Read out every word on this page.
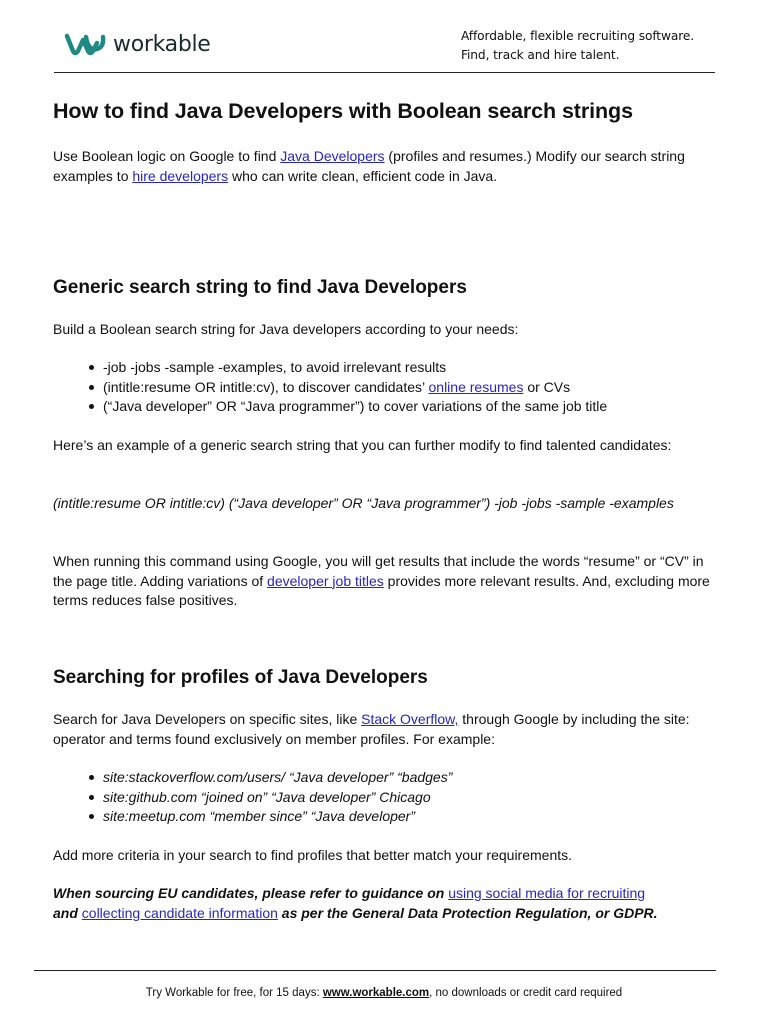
workable	Affordable, flexible recruiting software.
Find, track and hire talent.
How to find Java Developers with Boolean search strings

Use Boolean logic on Google to find Java Developers (profiles and resumes.) Modify our search string examples to hire developers who can write clean, efficient code in Java.

Generic search string to find Java Developers

Build a Boolean search string for Java developers according to your needs:

-job -jobs -sample -examples, to avoid irrelevant results
(intitle:resume OR intitle:cv), to discover candidates’ online resumes or CVs
(“Java developer” OR “Java programmer”) to cover variations of the same job title

Here’s an example of a generic search string that you can further modify to find talented candidates:

(intitle:resume OR intitle:cv) (“Java developer” OR “Java programmer”) -job -jobs -sample -examples

When running this command using Google, you will get results that include the words “resume” or “CV” in the page title. Adding variations of developer job titles provides more relevant results. And, excluding more terms reduces false positives.

Searching for profiles of Java Developers

Search for Java Developers on specific sites, like Stack Overflow, through Google by including the site: operator and terms found exclusively on member profiles. For example:

site:stackoverflow.com/users/ “Java developer” “badges”
site:github.com “joined on” “Java developer” Chicago
site:meetup.com “member since” “Java developer”

Add more criteria in your search to find profiles that better match your requirements.

When sourcing EU candidates, please refer to guidance on using social media for recruiting
and collecting candidate information as per the General Data Protection Regulation, or GDPR.

Try Workable for free, for 15 days: www.workable.com, no downloads or credit card required
